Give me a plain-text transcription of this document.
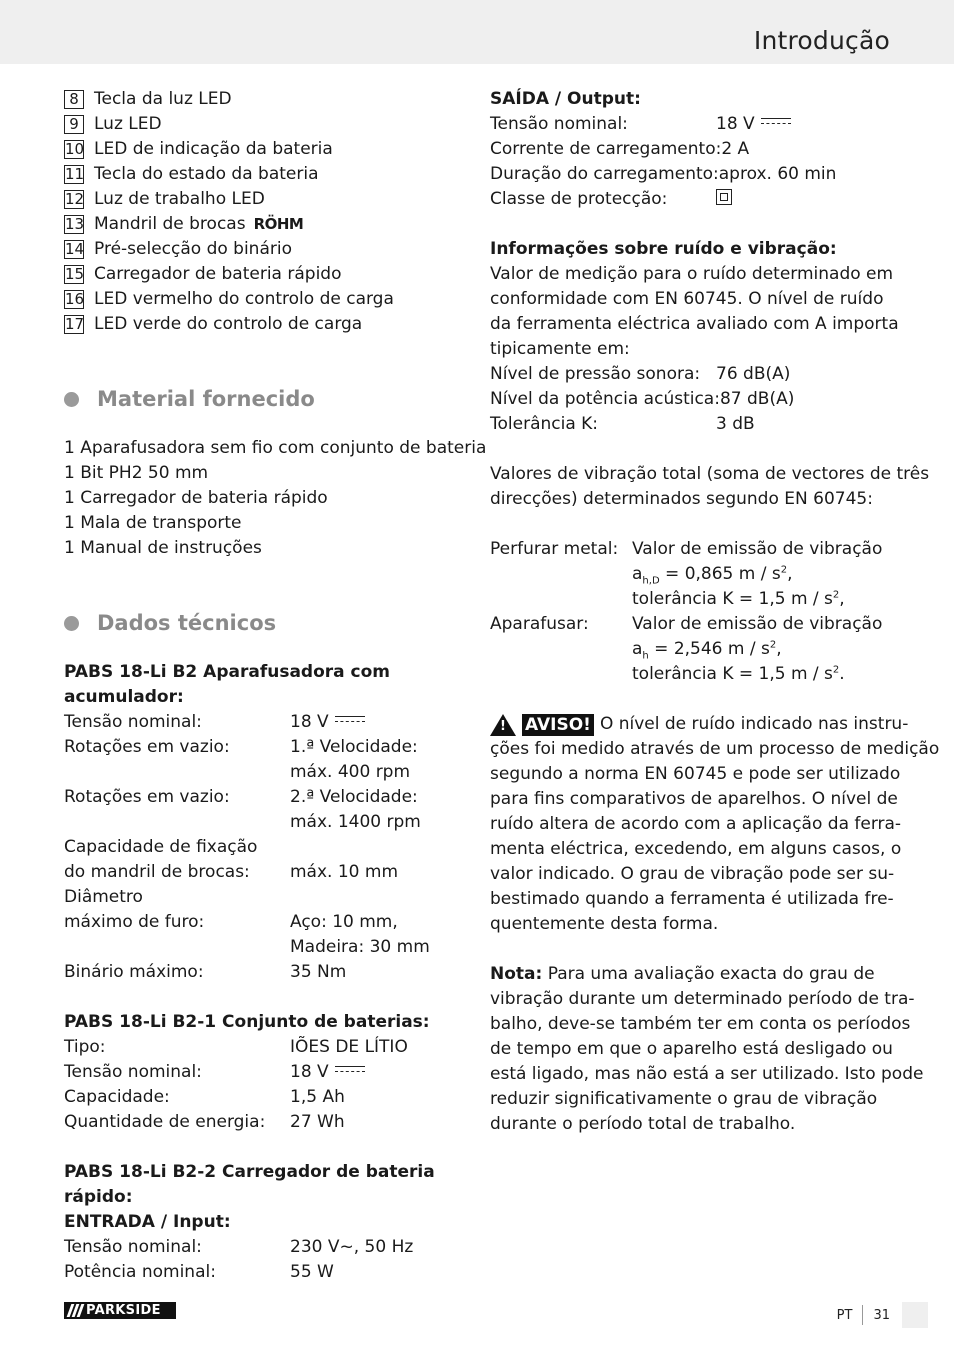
Introdução
8 Tecla da luz LED
9 Luz LED
10 LED de indicação da bateria
11 Tecla do estado da bateria
12 Luz de trabalho LED
13 Mandril de brocas RÖHM
14 Pré-selecção do binário
15 Carregador de bateria rápido
16 LED vermelho do controlo de carga
17 LED verde do controlo de carga
Material fornecido
1 Aparafusadora sem fio com conjunto de bateria
1 Bit PH2 50 mm
1 Carregador de bateria rápido
1 Mala de transporte
1 Manual de instruções
Dados técnicos
PABS 18-Li B2 Aparafusadora com
acumulador:
Tensão nominal:	18 V
Rotações em vazio:	1.ª Velocidade:
máx. 400 rpm
Rotações em vazio:	2.ª Velocidade:
máx. 1400 rpm
Capacidade de fixação
do mandril de brocas:	máx. 10 mm
Diâmetro
máximo de furo:	Aço: 10 mm,
Madeira: 30 mm
Binário máximo:	35 Nm
PABS 18-Li B2-1 Conjunto de baterias:
Tipo:	IÕES DE LÍTIO
Tensão nominal:	18 V
Capacidade:	1,5 Ah
Quantidade de energia:	27 Wh
PABS 18-Li B2-2 Carregador de bateria
rápido:
ENTRADA / Input:
Tensão nominal:	230 V~, 50 Hz
Potência nominal:	55 W
SAÍDA / Output:
Tensão nominal:	18 V
Corrente de carregamento: 2 A
Duração do carregamento: aprox. 60 min
Classe de protecção:
Informações sobre ruído e vibração:
Valor de medição para o ruído determinado em
conformidade com EN 60745. O nível de ruído
da ferramenta eléctrica avaliado com A importa
tipicamente em:
Nível de pressão sonora: 76 dB(A)
Nível da potência acústica: 87 dB(A)
Tolerância K:	3 dB
Valores de vibração total (soma de vectores de três
direcções) determinados segundo EN 60745:
Perfurar metal: Valor de emissão de vibração
$a_{h,D} = 0,865$ m / $s^2$,
tolerância K = 1,5 m / $s^2$,
Aparafusar:	Valor de emissão de vibração
$a_h = 2,546$ m / $s^2$,
tolerância K = 1,5 m / $s^2$.
! AVISO! O nível de ruído indicado nas instru-
ções foi medido através de um processo de medição
segundo a norma EN 60745 e pode ser utilizado
para fins comparativos de aparelhos. O nível de
ruído altera de acordo com a aplicação da ferra-
menta eléctrica, excedendo, em alguns casos, o
valor indicado. O grau de vibração pode ser su-
bestimado quando a ferramenta é utilizada fre-
quentemente desta forma.
Nota: Para uma avaliação exacta do grau de
vibração durante um determinado período de tra-
balho, deve-se também ter em conta os períodos
de tempo em que o aparelho está desligado ou
está ligado, mas não está a ser utilizado. Isto pode
reduzir significativamente o grau de vibração
durante o período total de trabalho.
PARKSIDE	PT 31
